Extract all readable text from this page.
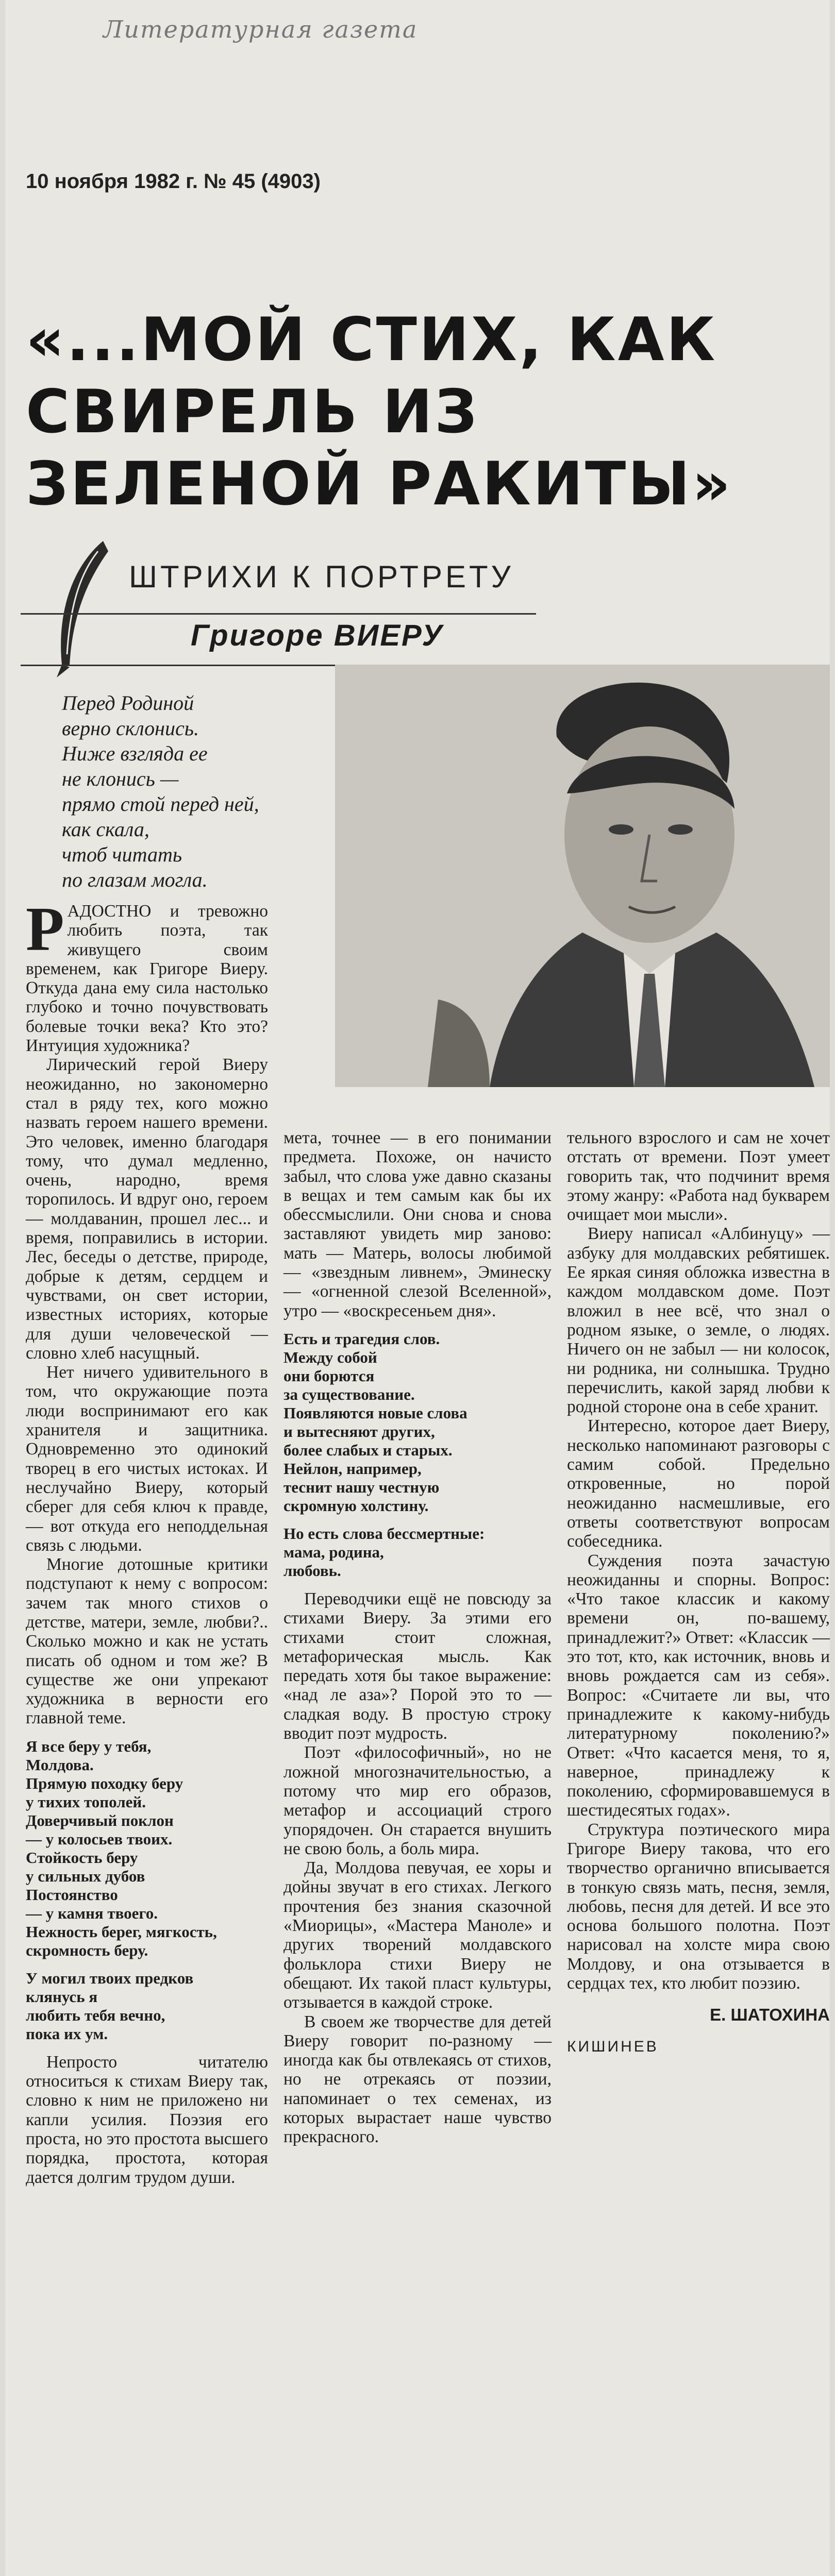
Литературная газета
10 ноября 1982 г. № 45 (4903)
«...МОЙ СТИХ, КАК СВИРЕЛЬ ИЗ ЗЕЛЕНОЙ РАКИТЫ»
ШТРИХИ К ПОРТРЕТУ
Григоре ВИЕРУ
Перед Родиной
верно склонись.
Ниже взгляда ее
не клонись —
прямо стой перед ней,
как скала,
чтоб читать
по глазам могла.

РАДОСТНО и тревожно любить поэта, так живущего своим временем, как Григоре Виеру. Откуда дана ему сила настолько глубоко и точно почувствовать болевые точки века? Кто это? Интуиция художника?

Лирический герой Виеру неожиданно, но закономерно стал в ряду тех, кого можно назвать героем нашего времени. Это человек, именно благодаря тому, что думал медленно, очень, народно, время торопилось. И вдруг оно, героем — молдаванин, прошел лес... и время, поправились в истории. Лес, беседы о детстве, природе, добрые к детям, сердцем и чувствами, он свет истории, известных историях, которые для души человеческой — словно хлеб насущный.

Нет ничего удивительного в том, что окружающие поэта люди воспринимают его как хранителя и защитника. Одновременно это одинокий творец в его чистых истоках. И неслучайно Виеру, который сберег для себя ключ к правде, — вот откуда его неподдельная связь с людьми.

Многие дотошные критики подступают к нему с вопросом: зачем так много стихов о детстве, матери, земле, любви?.. Сколько можно и как не устать писать об одном и том же? В существе же они упрекают художника в верности его главной теме.

Я все беру у тебя,
Молдова.
Прямую походку беру
у тихих тополей.
Доверчивый поклон
— у колосьев твоих.
Стойкость беру
у сильных дубов
Постоянство
— у камня твоего.
Нежность берег, мягкость,
скромность беру.
У могил твоих предков
клянусь я
любить тебя вечно,
пока их ум.

Непросто читателю относиться к стихам Виеру так, словно к ним не приложено ни капли усилия. Поэзия его проста, но это простота высшего порядка, простота, которая дается долгим трудом души.

мета, точнее — в его понимании предмета. Похоже, он начисто забыл, что слова уже давно сказаны в вещах и тем самым как бы их обессмыслили. Они снова и снова заставляют увидеть мир заново: мать — Матерь, волосы любимой — «звездным ливнем», Эминеску — «огненной слезой Вселенной», утро — «воскресеньем дня».

Есть и трагедия слов.
Между собой
они борются
за существование.
Появляются новые слова
и вытесняют других,
более слабых и старых.
Нейлон, например,
теснит нашу честную
скромную холстину.
Но есть слова бессмертные:
мама, родина,
любовь.

Переводчики ещё не повсюду за стихами Виеру. За этими его стихами стоит сложная, метафорическая мысль. Как передать хотя бы такое выражение: «над ле аза»? Порой это то — сладкая воду. В простую строку вводит поэт мудрость.

Поэт «философичный», но не ложной многозначительностью, а потому что мир его образов, метафор и ассоциаций строго упорядочен. Он старается внушить не свою боль, а боль мира.

Да, Молдова певучая, ее хоры и дойны звучат в его стихах. Легкого прочтения без знания сказочной «Миорицы», «Мастера Маноле» и других творений молдавского фольклора стихи Виеру не обещают. Их такой пласт культуры, отзывается в каждой строке.

В своем же творчестве для детей Виеру говорит по-разному — иногда как бы отвлекаясь от стихов, но не отрекаясь от поэзии, напоминает о тех семенах, из которых вырастает наше чувство прекрасного.

тельного взрослого и сам не хочет отстать от времени. Поэт умеет говорить так, что подчинит время этому жанру: «Работа над букварем очищает мои мысли».

Виеру написал «Албинуцу» — азбуку для молдавских ребятишек. Ее яркая синяя обложка известна в каждом молдавском доме. Поэт вложил в нее всё, что знал о родном языке, о земле, о людях. Ничего он не забыл — ни колосок, ни родника, ни солнышка. Трудно перечислить, какой заряд любви к родной стороне она в себе хранит.

Интересно, которое дает Виеру, несколько напоминают разговоры с самим собой. Предельно откровенные, но порой неожиданно насмешливые, его ответы соответствуют вопросам собеседника.

Суждения поэта зачастую неожиданны и спорны. Вопрос: «Что такое классик и какому времени он, по-вашему, принадлежит?» Ответ: «Классик — это тот, кто, как источник, вновь и вновь рождается сам из себя». Вопрос: «Считаете ли вы, что принадлежите к какому-нибудь литературному поколению?» Ответ: «Что касается меня, то я, наверное, принадлежу к поколению, сформировавшемуся в шестидесятых годах».

Структура поэтического мира Григоре Виеру такова, что его творчество органично вписывается в тонкую связь мать, песня, земля, любовь, песня для детей. И все это основа большого полотна. Поэт нарисовал на холсте мира свою Молдову, и она отзывается в сердцах тех, кто любит поэзию.

Е. ШАТОХИНА
КИШИНЕВ
